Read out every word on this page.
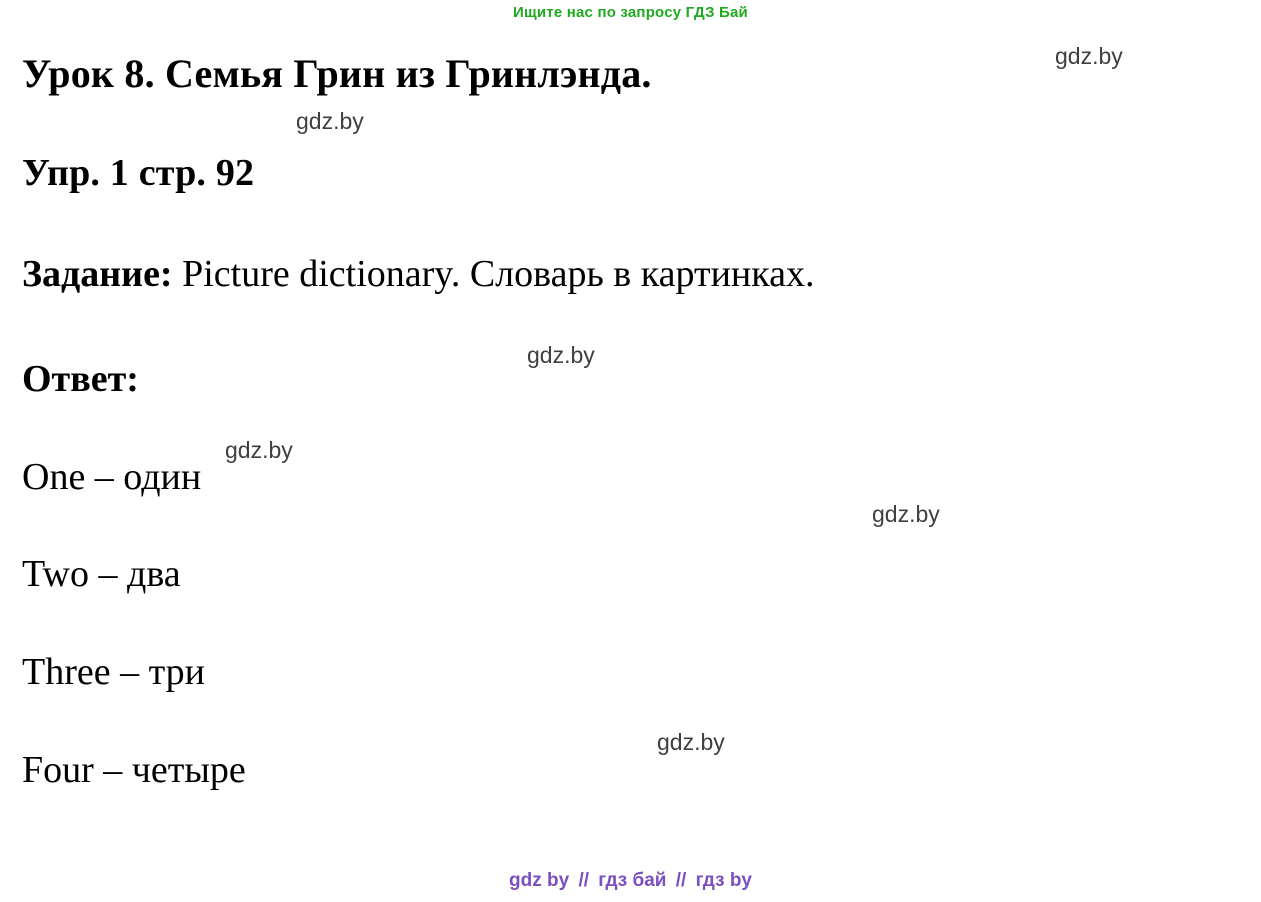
Ищите нас по запросу ГДЗ Бай
Урок 8. Семья Грин из Гринлэнда.
Упр. 1 стр. 92
Задание: Picture dictionary. Словарь в картинках.
Ответ:
One – один
Two – два
Three – три
Four – четыре
gdz.by
gdz.by
gdz.by
gdz.by
gdz.by
gdz.by
gdz by // гдз бай // гдз by
